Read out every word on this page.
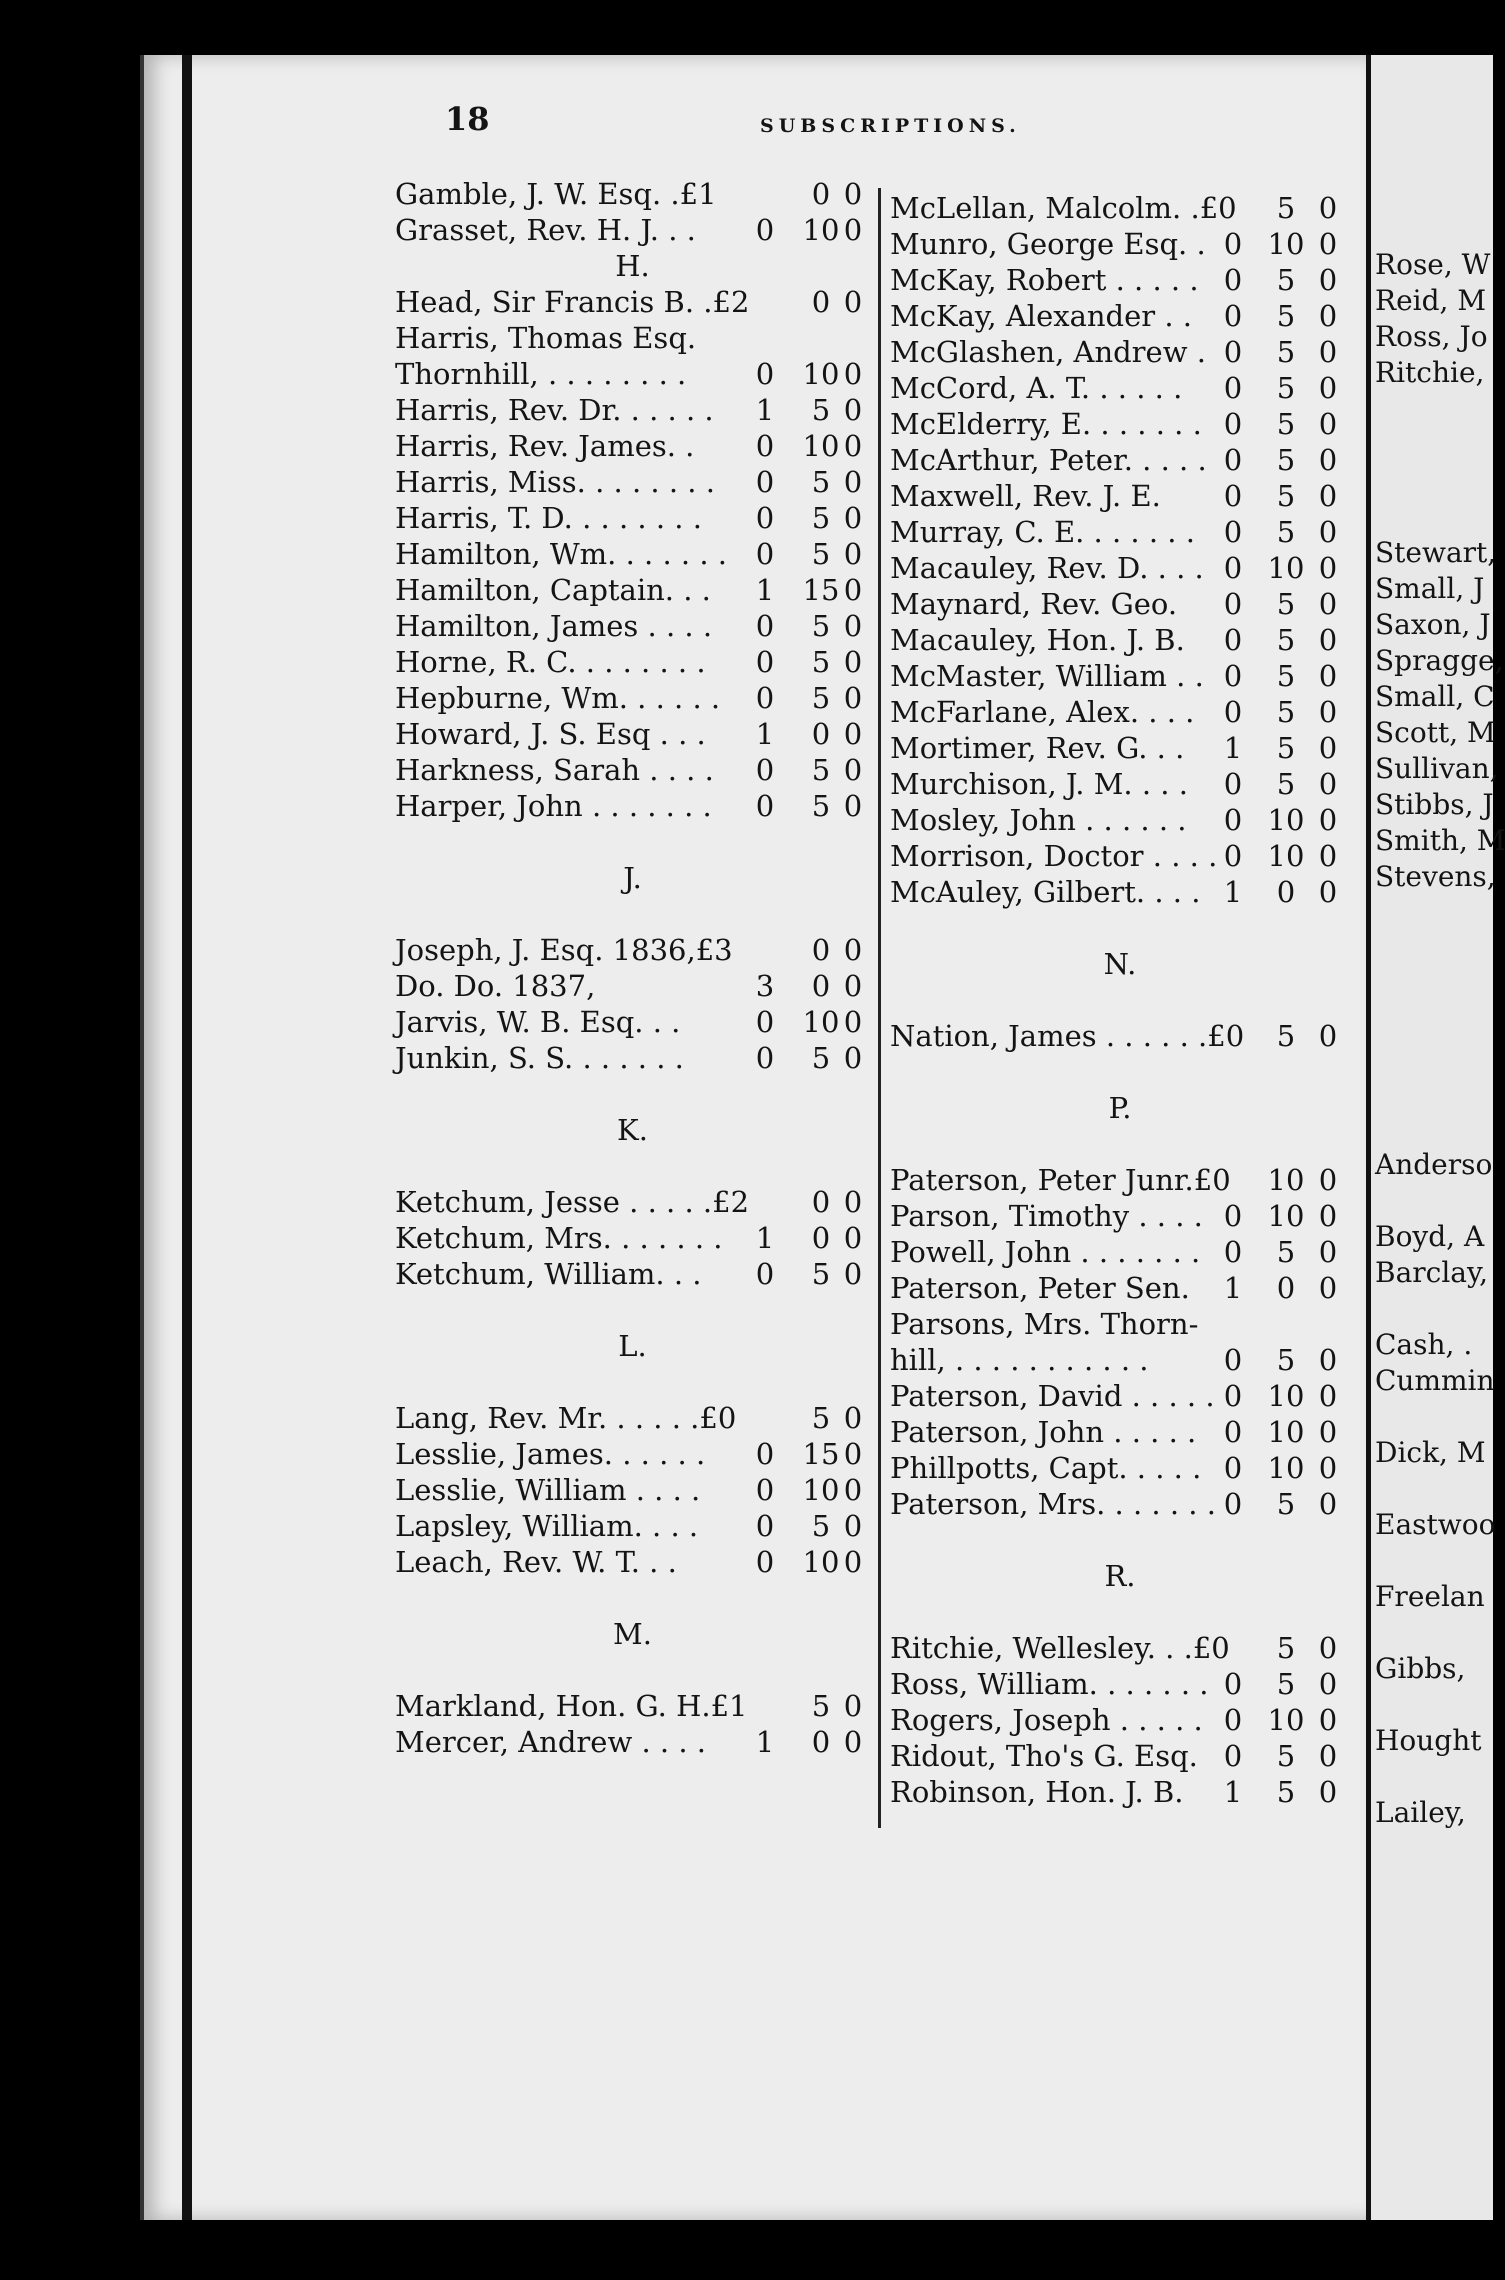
Rose, W
Reid, M
Ross, Jo
Ritchie,
Stewart,
Small, J
Saxon, J
Spragge,
Small, C
Scott, M
Sullivan,
Stibbs, J
Smith, M
Stevens,
Anderso
Boyd, A
Barclay,
Cash, .
Cummin
Dick, M
Eastwoo
Freelan
Gibbs,
Hought
Lailey,
18	SUBSCRIPTIONS.
Gamble, J. W. Esq. .£1	0 0
Grasset, Rev. H. J. . . 0 10 0
H.
Head, Sir Francis B. .£2	0 0
Harris, Thomas Esq.
Thornhill, . . . . . . . . 0 10 0
Harris, Rev. Dr. . . . . . 1	5 0
Harris, Rev. James. . 0 10 0
Harris, Miss. . . . . . . . 0	5 0
Harris, T. D. . . . . . . . 0	5 0
Hamilton, Wm. . . . . . . 0	5 0
Hamilton, Captain. . . 1 15 0
Hamilton, James . . . . 0	5 0
Horne, R. C. . . . . . . . 0	5 0
Hepburne, Wm. . . . . . 0	5 0
Howard, J. S. Esq . . . 1	0 0
Harkness, Sarah . . . . 0	5 0
Harper, John . . . . . . . 0	5 0
J.
Joseph, J. Esq. 1836,£3	0 0
Do. Do. 1837,	3	0 0
Jarvis, W. B. Esq. . .	0 10 0
Junkin, S. S. . . . . . . 0	5 0
K.
Ketchum, Jesse . . . . .£2	0 0
Ketchum, Mrs. . . . . . . 1	0 0
Ketchum, William. . . 0	5 0
L.
Lang, Rev. Mr. . . . . .£0	5 0
Lesslie, James. . . . . . 0 15 0
Lesslie, William . . . . 0 10 0
Lapsley, William. . . . 0	5 0
Leach, Rev. W. T. . .	0 10 0
M.
Markland, Hon. G. H.£1	5 0
Mercer, Andrew . . . . 1	0 0
McLellan, Malcolm. .£0	5 0
Munro, George Esq. . 0 10 0
McKay, Robert . . . . . 0	5 0
McKay, Alexander . . 0	5 0
McGlashen, Andrew . 0	5 0
McCord, A. T. . . . . . 0	5 0
McElderry, E. . . . . . . 0	5 0
McArthur, Peter. . . . . 0	5 0
Maxwell, Rev. J. E. 0	5 0
Murray, C. E. . . . . . . 0	5 0
Macauley, Rev. D. . . . 0 10 0
Maynard, Rev. Geo. 0	5 0
Macauley, Hon. J. B. 0	5 0
McMaster, William . . 0	5 0
McFarlane, Alex. . . . 0	5 0
Mortimer, Rev. G. . . 1	5 0
Murchison, J. M. . . . 0	5 0
Mosley, John . . . . . . 0 10 0
Morrison, Doctor . . . . 0 10 0
McAuley, Gilbert. . . . 1	0 0
N.
Nation, James . . . . . .£0	5 0
P.
Paterson, Peter Junr.£0 10 0
Parson, Timothy . . . . 0 10 0
Powell, John . . . . . . . 0	5 0
Paterson, Peter Sen. 1	0 0
Parsons, Mrs. Thorn-
hill, . . . . . . . . . . .	0	5 0
Paterson, David . . . . . 0 10 0
Paterson, John . . . . . 0 10 0
Phillpotts, Capt. . . . . 0 10 0
Paterson, Mrs. . . . . . . 0	5 0
R.
Ritchie, Wellesley. . .£0	5 0
Ross, William. . . . . . . 0	5 0
Rogers, Joseph . . . . . 0 10 0
Ridout, Tho's G. Esq. 0	5 0
Robinson, Hon. J. B. 1	5 0
